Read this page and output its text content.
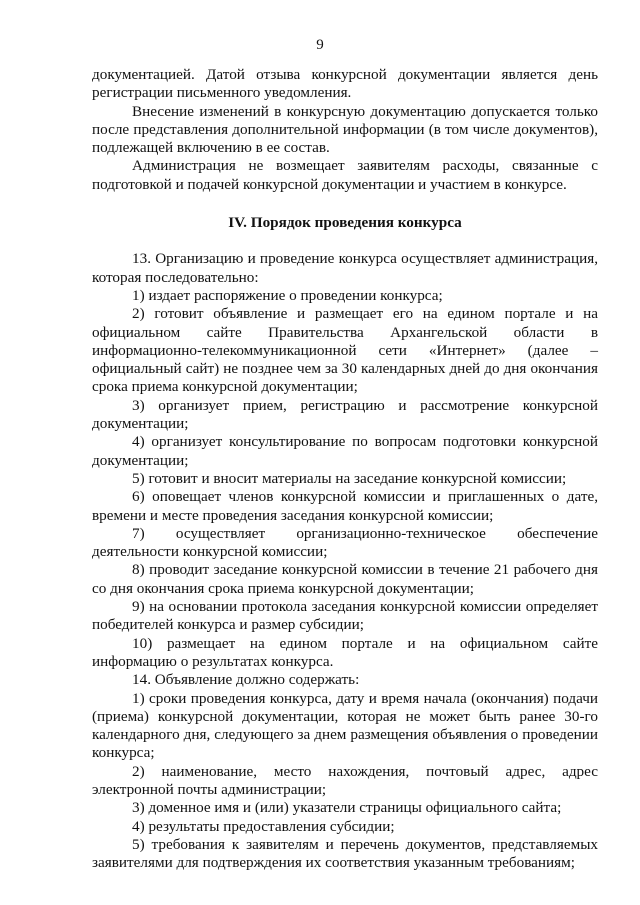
9

документацией. Датой отзыва конкурсной документации является день регистрации письменного уведомления.

Внесение изменений в конкурсную документацию допускается только после представления дополнительной информации (в том числе документов), подлежащей включению в ее состав.

Администрация не возмещает заявителям расходы, связанные с подготовкой и подачей конкурсной документации и участием в конкурсе.

IV. Порядок проведения конкурса

13. Организацию и проведение конкурса осуществляет администрация, которая последовательно:

1) издает распоряжение о проведении конкурса;

2) готовит объявление и размещает его на едином портале и на официальном сайте Правительства Архангельской области в информационно-телекоммуникационной сети «Интернет» (далее – официальный сайт) не позднее чем за 30 календарных дней до дня окончания срока приема конкурсной документации;

3) организует прием, регистрацию и рассмотрение конкурсной документации;

4) организует консультирование по вопросам подготовки конкурсной документации;

5) готовит и вносит материалы на заседание конкурсной комиссии;

6) оповещает членов конкурсной комиссии и приглашенных о дате, времени и месте проведения заседания конкурсной комиссии;

7) осуществляет организационно-техническое обеспечение деятельности конкурсной комиссии;

8) проводит заседание конкурсной комиссии в течение 21 рабочего дня со дня окончания срока приема конкурсной документации;

9) на основании протокола заседания конкурсной комиссии определяет победителей конкурса и размер субсидии;

10) размещает на едином портале и на официальном сайте информацию о результатах конкурса.

14. Объявление должно содержать:

1) сроки проведения конкурса, дату и время начала (окончания) подачи (приема) конкурсной документации, которая не может быть ранее 30-го календарного дня, следующего за днем размещения объявления о проведении конкурса;

2) наименование, место нахождения, почтовый адрес, адрес электронной почты администрации;

3) доменное имя и (или) указатели страницы официального сайта;

4) результаты предоставления субсидии;

5) требования к заявителям и перечень документов, представляемых заявителями для подтверждения их соответствия указанным требованиям;
